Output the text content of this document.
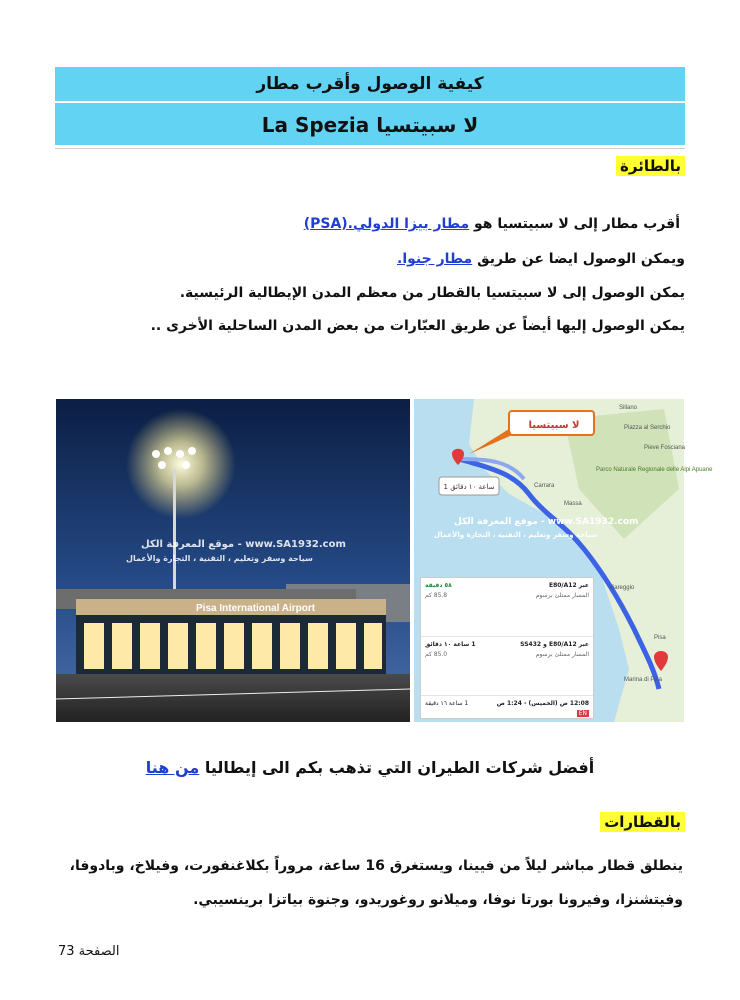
كيفية الوصول وأقرب مطار
لا سبيتسيا La Spezia
بالطائرة
أقرب مطار إلى لا سبيتسيا هو مطار بيزا الدولي.(PSA)
ويمكن الوصول ايضا عن طريق مطار جنوا.
يمكن الوصول إلى لا سبيتسيا بالقطار من معظم المدن الإيطالية الرئيسية.
يمكن الوصول إليها أيضاً عن طريق العبّارات من بعض المدن الساحلية الأخرى ..
Pisa International Airport
موقع المعرفة الكل - www.SA1932.com
سياحة وسفر وتعليم ، التقنية ، التجارة والأعمال
لا سبيتسيا
1 ساعة ١٠ دقائق
Sillano
Piazza al Serchio
Pieve Fosciana
Parco Naturale Regionale delle Alpi Apuane
Carrara
Massa
Viareggio
Pisa
Marina di Pisa
موقع المعرفة الكل - www.SA1932.com
سياحة وسفر وتعليم ، التقنية ، التجارة والأعمال
عبر E80/A12
المسار ممتلئ برسوم
٥٨ دقيقة
85.8 كم
عبر E80/A12 و SS432
المسار ممتلئ برسوم
1 ساعة ١٠ دقائق
85.0 كم
12:08 ص (الخميس) - 1:24 ص
EN
1 ساعة ١٦ دقيقة
أفضل شركات الطيران التي تذهب بكم الى إيطاليا من هنا
بالقطارات
ينطلق قطار مباشر ليلاً من فيينا، ويستغرق 16 ساعة، مروراً بكلاغنفورت، وفيلاخ، وبادوفا،
وفيتشنزا، وفيرونا بورتا نوفا، وميلانو روغوريدو، وجنوة بياتزا برينسيبي.
الصفحة 73
